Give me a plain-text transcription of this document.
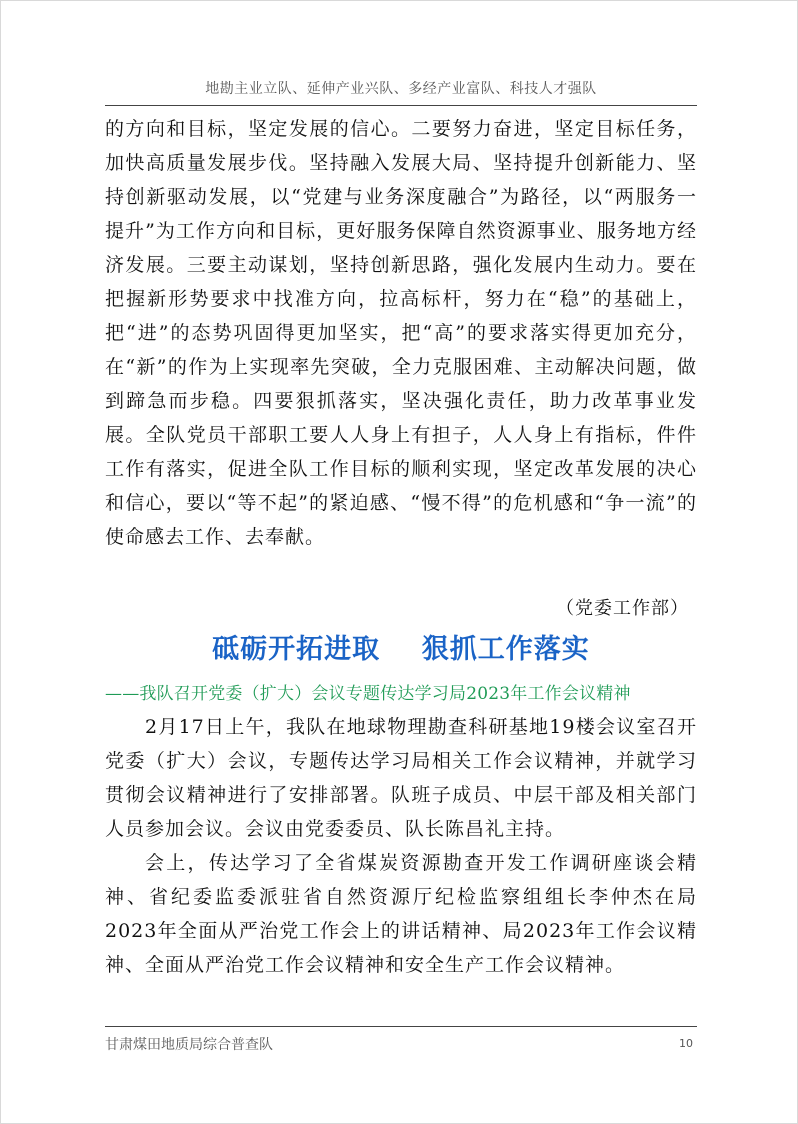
地勘主业立队、延伸产业兴队、多经产业富队、科技人才强队

的方向和目标，坚定发展的信心。二要努力奋进，坚定目标任务，加快高质量发展步伐。坚持融入发展大局、坚持提升创新能力、坚持创新驱动发展，以“党建与业务深度融合”为路径，以“两服务一提升”为工作方向和目标，更好服务保障自然资源事业、服务地方经济发展。三要主动谋划，坚持创新思路，强化发展内生动力。要在把握新形势要求中找准方向，拉高标杆，努力在“稳”的基础上，把“进”的态势巩固得更加坚实，把“高”的要求落实得更加充分，在“新”的作为上实现率先突破，全力克服困难、主动解决问题，做到蹄急而步稳。四要狠抓落实，坚决强化责任，助力改革事业发展。全队党员干部职工要人人身上有担子，人人身上有指标，件件工作有落实，促进全队工作目标的顺利实现，坚定改革发展的决心和信心，要以“等不起”的紧迫感、“慢不得”的危机感和“争一流”的使命感去工作、去奉献。

（党委工作部）
砥砺开拓进取    狠抓工作落实
——我队召开党委（扩大）会议专题传达学习局2023年工作会议精神

2月17日上午，我队在地球物理勘查科研基地19楼会议室召开党委（扩大）会议，专题传达学习局相关工作会议精神，并就学习贯彻会议精神进行了安排部署。队班子成员、中层干部及相关部门人员参加会议。会议由党委委员、队长陈昌礼主持。

会上，传达学习了全省煤炭资源勘查开发工作调研座谈会精神、省纪委监委派驻省自然资源厅纪检监察组组长李仲杰在局2023年全面从严治党工作会上的讲话精神、局2023年工作会议精神、全面从严治党工作会议精神和安全生产工作会议精神。

甘肃煤田地质局综合普查队	10
